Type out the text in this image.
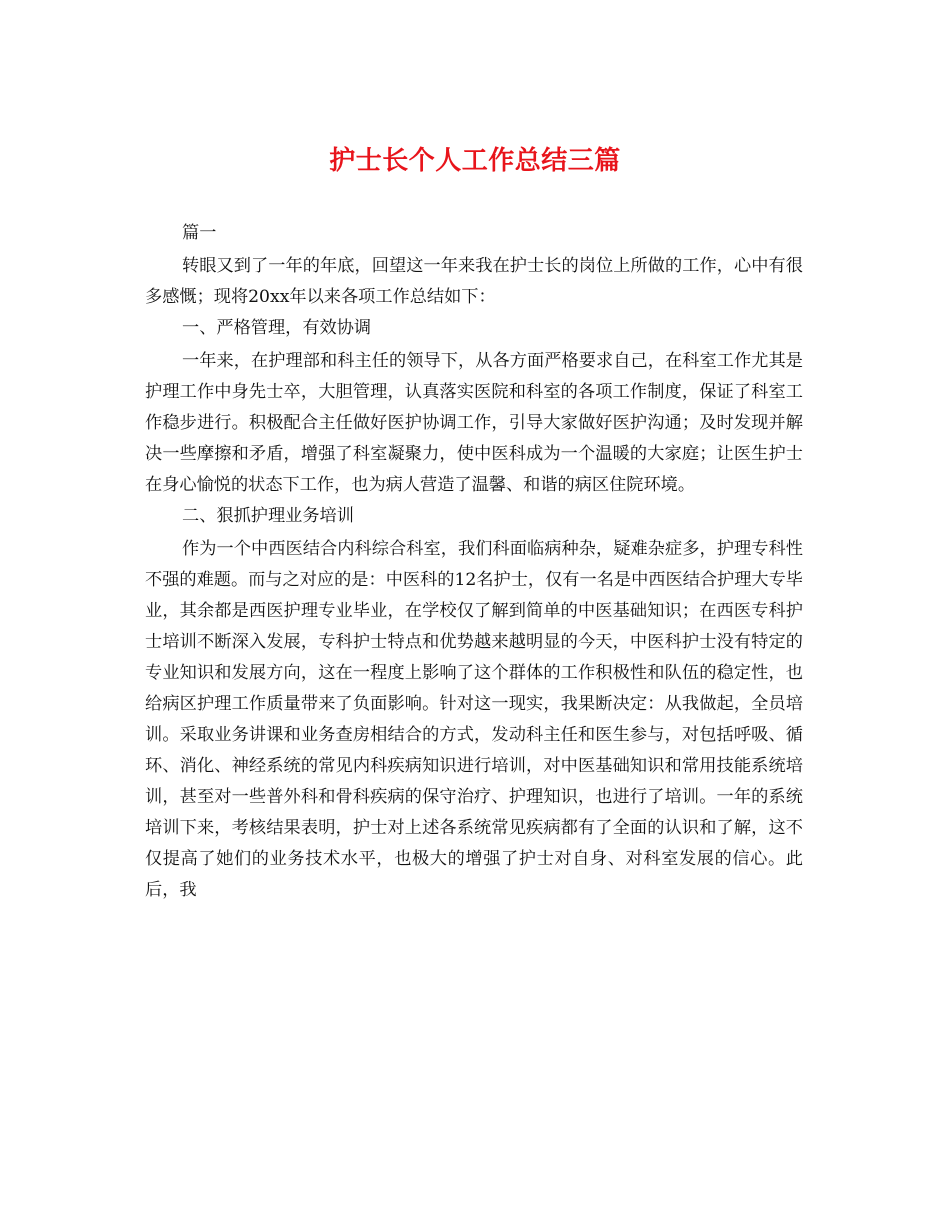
护士长个人工作总结三篇

篇一

转眼又到了一年的年底，回望这一年来我在护士长的岗位上所做的工作，心中有很多感慨；现将20xx年以来各项工作总结如下：

一、严格管理，有效协调

一年来，在护理部和科主任的领导下，从各方面严格要求自己，在科室工作尤其是护理工作中身先士卒，大胆管理，认真落实医院和科室的各项工作制度，保证了科室工作稳步进行。积极配合主任做好医护协调工作，引导大家做好医护沟通；及时发现并解决一些摩擦和矛盾，增强了科室凝聚力，使中医科成为一个温暖的大家庭；让医生护士在身心愉悦的状态下工作，也为病人营造了温馨、和谐的病区住院环境。

二、狠抓护理业务培训

作为一个中西医结合内科综合科室，我们科面临病种杂，疑难杂症多，护理专科性不强的难题。而与之对应的是：中医科的12名护士，仅有一名是中西医结合护理大专毕业，其余都是西医护理专业毕业，在学校仅了解到简单的中医基础知识；在西医专科护士培训不断深入发展，专科护士特点和优势越来越明显的今天，中医科护士没有特定的专业知识和发展方向，这在一程度上影响了这个群体的工作积极性和队伍的稳定性，也给病区护理工作质量带来了负面影响。针对这一现实，我果断决定：从我做起，全员培训。采取业务讲课和业务查房相结合的方式，发动科主任和医生参与，对包括呼吸、循环、消化、神经系统的常见内科疾病知识进行培训，对中医基础知识和常用技能系统培训，甚至对一些普外科和骨科疾病的保守治疗、护理知识，也进行了培训。一年的系统培训下来，考核结果表明，护士对上述各系统常见疾病都有了全面的认识和了解，这不仅提高了她们的业务技术水平，也极大的增强了护士对自身、对科室发展的信心。此后，我
